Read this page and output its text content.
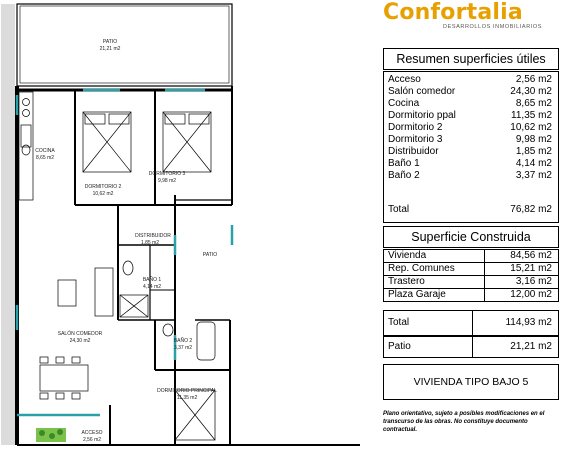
PATIO
21,21 m2
COCINA
8,65 m2
DORMITORIO 2
10,62 m2
DORMITORIO 3
9,98 m2
DISTRIBUIDOR
1,85 m2
PATIO
BAÑO 1
4,14 m2
SALÓN COMEDOR
24,30 m2	BAÑO 2
3,37 m2
DORMITORIO PRINCIPAL
11,35 m2
ACCESO
2,56 m2
Confortalia
DESARROLLOS INMOBILIARIOS
Resumen superficies útiles
Acceso	2,56 m2
Salón comedor	24,30 m2
Cocina	8,65 m2
Dormitorio ppal	11,35 m2
Dormitorio 2	10,62 m2
Dormitorio 3	9,98 m2
Distribuidor	1,85 m2
Baño 1	4,14 m2
Baño 2	3,37 m2
Total	76,82 m2
Superficie Construida
Vivienda	84,56 m2
Rep. Comunes	15,21 m2
Trastero	3,16 m2
Plaza Garaje	12,00 m2
Total	114,93 m2
Patio	21,21 m2
VIVIENDA TIPO BAJO 5
Plano orientativo, sujeto a posibles modificaciones en el transcurso de las obras. No constituye documento contractual.
